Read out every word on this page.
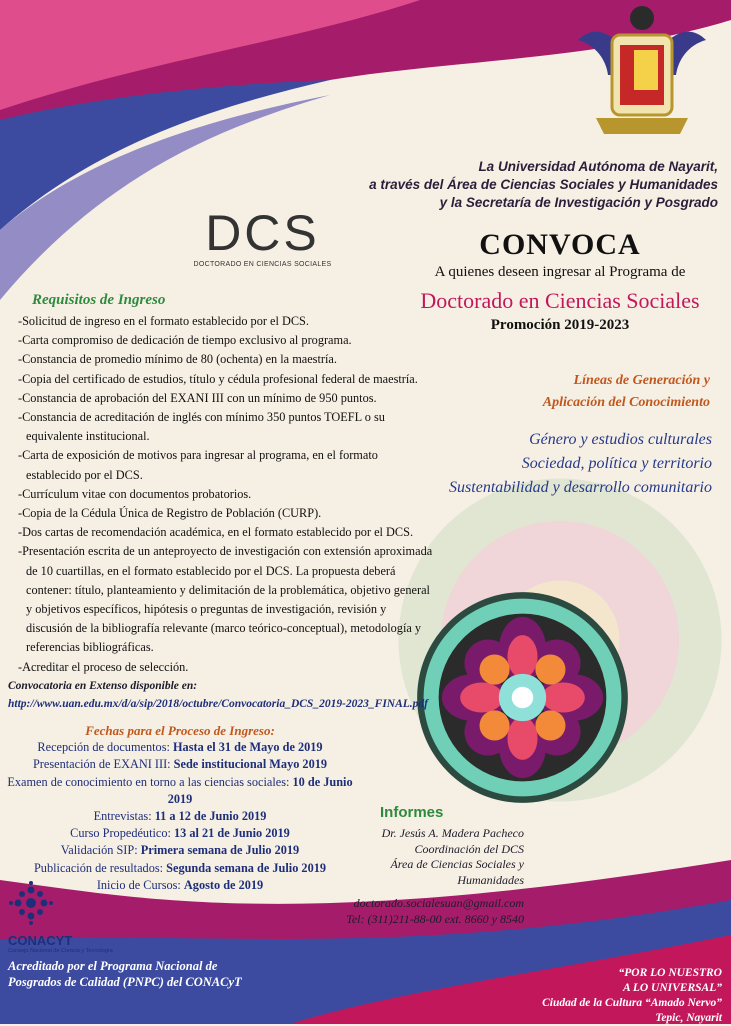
La Universidad Autónoma de Nayarit,
a través del Área de Ciencias Sociales y Humanidades
y la Secretaría de Investigación y Posgrado
DCS
DOCTORADO EN CIENCIAS SOCIALES
CONVOCA
A quienes deseen ingresar al Programa de
Doctorado en Ciencias Sociales
Promoción 2019-2023
Requisitos de Ingreso
-Solicitud de ingreso en el formato establecido por el DCS.
-Carta compromiso de dedicación de tiempo exclusivo al programa.
-Constancia de promedio mínimo de 80 (ochenta) en la maestría.
-Copia del certificado de estudios, título y cédula profesional federal de maestría.
-Constancia de aprobación del EXANI III con un mínimo de 950 puntos.
-Constancia de acreditación de inglés con mínimo 350 puntos TOEFL o su equivalente institucional.
-Carta de exposición de motivos para ingresar al programa, en el formato establecido por el DCS.
-Currículum vitae con documentos probatorios.
-Copia de la Cédula Única de Registro de Población (CURP).
-Dos cartas de recomendación académica, en el formato establecido por el DCS.
-Presentación escrita de un anteproyecto de investigación con extensión aproximada de 10 cuartillas, en el formato establecido por el DCS. La propuesta deberá contener: título, planteamiento y delimitación de la problemática, objetivo general y objetivos específicos, hipótesis o preguntas de investigación, revisión y discusión de la bibliografía relevante (marco teórico-conceptual), metodología y referencias bibliográficas.
-Acreditar el proceso de selección.
Líneas de Generación y
Aplicación del Conocimiento
Género y estudios culturales
Sociedad, política y territorio
Sustentabilidad y desarrollo comunitario
Convocatoria en Extenso disponible en:
http://www.uan.edu.mx/d/a/sip/2018/octubre/Convocatoria_DCS_2019-2023_FINAL.pdf
Fechas para el Proceso de Ingreso:
Recepción de documentos: Hasta el 31 de Mayo de 2019
Presentación de EXANI III: Sede institucional Mayo 2019
Examen de conocimiento en torno a las ciencias sociales: 10 de Junio 2019
Entrevistas: 11 a 12 de Junio 2019
Curso Propedéutico: 13 al 21 de Junio 2019
Validación SIP: Primera semana de Julio 2019
Publicación de resultados: Segunda semana de Julio 2019
Inicio de Cursos: Agosto de 2019
Informes
Dr. Jesús A. Madera Pacheco
Coordinación del DCS
Área de Ciencias Sociales y
Humanidades
doctorado.socialesuan@gmail.com
Tel: (311)211-88-00 ext. 8660 y 8540
CONACYT
Consejo Nacional de Ciencia y Tecnología
Acreditado por el Programa Nacional de
Posgrados de Calidad (PNPC) del CONACyT
“POR LO NUESTRO
A LO UNIVERSAL”
Ciudad de la Cultura “Amado Nervo”
Tepic, Nayarit
